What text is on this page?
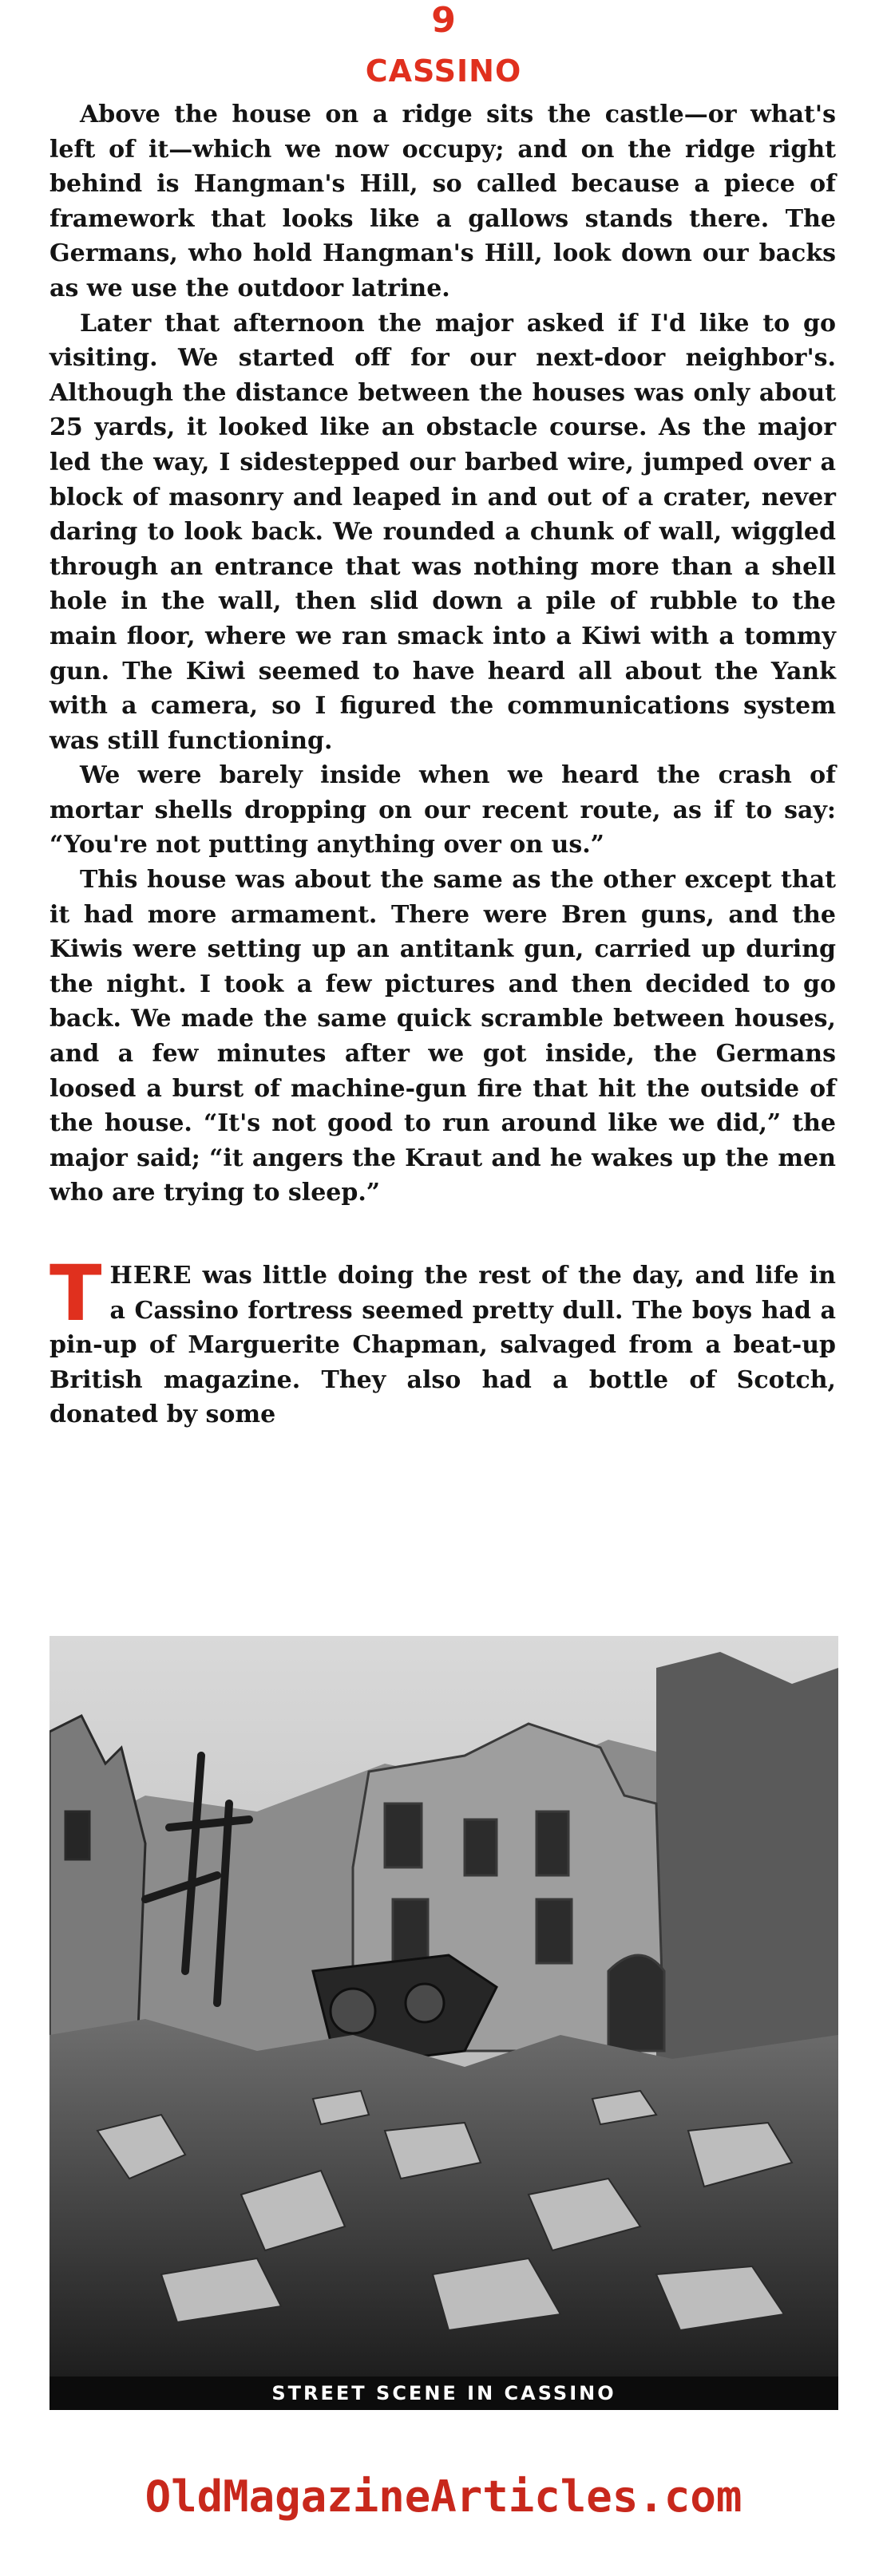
9
CASSINO

Above the house on a ridge sits the castle—or what's left of it—which we now occupy; and on the ridge right behind is Hangman's Hill, so called because a piece of framework that looks like a gallows stands there. The Germans, who hold Hangman's Hill, look down our backs as we use the outdoor latrine.

Later that afternoon the major asked if I'd like to go visiting. We started off for our next-door neighbor's. Although the distance between the houses was only about 25 yards, it looked like an obstacle course. As the major led the way, I sidestepped our barbed wire, jumped over a block of masonry and leaped in and out of a crater, never daring to look back. We rounded a chunk of wall, wiggled through an entrance that was nothing more than a shell hole in the wall, then slid down a pile of rubble to the main floor, where we ran smack into a Kiwi with a tommy gun. The Kiwi seemed to have heard all about the Yank with a camera, so I figured the communications system was still functioning.

We were barely inside when we heard the crash of mortar shells dropping on our recent route, as if to say: “You're not putting anything over on us.”

This house was about the same as the other except that it had more armament. There were Bren guns, and the Kiwis were setting up an antitank gun, carried up during the night. I took a few pictures and then decided to go back. We made the same quick scramble between houses, and a few minutes after we got inside, the Germans loosed a burst of machine-gun fire that hit the outside of the house. “It's not good to run around like we did,” the major said; “it angers the Kraut and he wakes up the men who are trying to sleep.”

THERE was little doing the rest of the day, and life in a Cassino fortress seemed pretty dull. The boys had a pin-up of Marguerite Chapman, salvaged from a beat-up British magazine. They also had a bottle of Scotch, donated by some

STREET SCENE IN CASSINO
OldMagazineArticles.com
